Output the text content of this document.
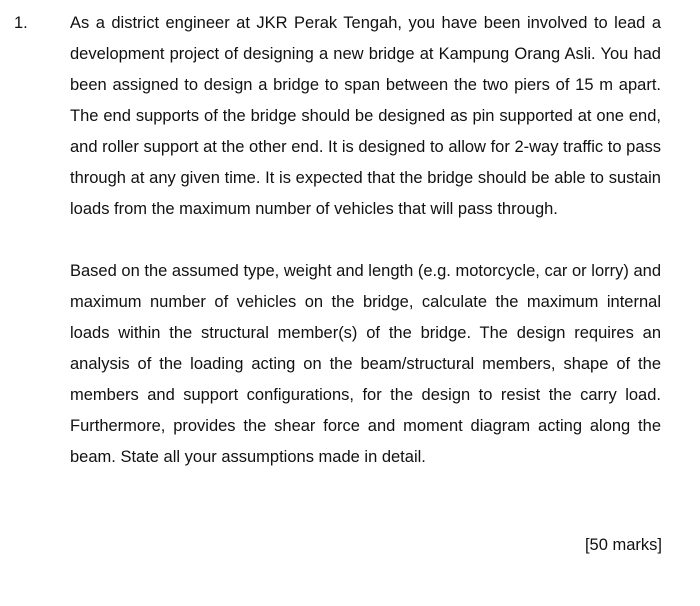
1.	As a district engineer at JKR Perak Tengah, you have been involved to lead a development project of designing a new bridge at Kampung Orang Asli. You had been assigned to design a bridge to span between the two piers of 15 m apart. The end supports of the bridge should be designed as pin supported at one end, and roller support at the other end. It is designed to allow for 2-way traffic to pass through at any given time. It is expected that the bridge should be able to sustain loads from the maximum number of vehicles that will pass through.

Based on the assumed type, weight and length (e.g. motorcycle, car or lorry) and maximum number of vehicles on the bridge, calculate the maximum internal loads within the structural member(s) of the bridge. The design requires an analysis of the loading acting on the beam/structural members, shape of the members and support configurations, for the design to resist the carry load. Furthermore, provides the shear force and moment diagram acting along the beam. State all your assumptions made in detail.

[50 marks]
